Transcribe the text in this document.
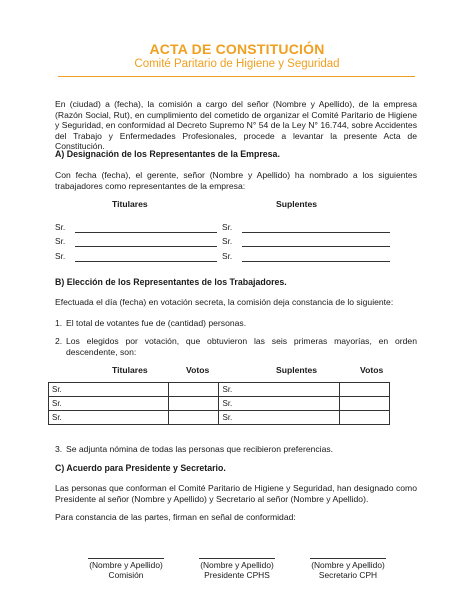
ACTA DE CONSTITUCIÓN
Comité Paritario de Higiene y Seguridad
En (ciudad) a (fecha), la comisión a cargo del señor (Nombre y Apellido), de la empresa (Razón Social, Rut), en cumplimiento del cometido de organizar el Comité Paritario de Higiene y Seguridad, en conformidad al Decreto Supremo N° 54 de la Ley N° 16.744, sobre Accidentes del Trabajo y Enfermedades Profesionales, procede a levantar la presente Acta de Constitución.
A) Designación de los Representantes de la Empresa.
Con fecha (fecha), el gerente, señor (Nombre y Apellido) ha nombrado a los siguientes trabajadores como representantes de la empresa:
Titulares	Suplentes
Sr.	Sr.
Sr.	Sr.
Sr.	Sr.
B) Elección de los Representantes de los Trabajadores.
Efectuada el día (fecha) en votación secreta, la comisión deja constancia de lo siguiente:
1. El total de votantes fue de (cantidad) personas.
2. Los elegidos por votación, que obtuvieron las seis primeras mayorías, en orden descendente, son:
Titulares	Votos	Suplentes	Votos
Sr.		Sr.	
Sr.		Sr.	
Sr.		Sr.	
3. Se adjunta nómina de todas las personas que recibieron preferencias.
C) Acuerdo para Presidente y Secretario.
Las personas que conforman el Comité Paritario de Higiene y Seguridad, han designado como Presidente al señor (Nombre y Apellido) y Secretario al señor (Nombre y Apellido).
Para constancia de las partes, firman en señal de conformidad:
(Nombre y Apellido)
Comisión
(Nombre y Apellido)
Presidente CPHS
(Nombre y Apellido)
Secretario CPH
